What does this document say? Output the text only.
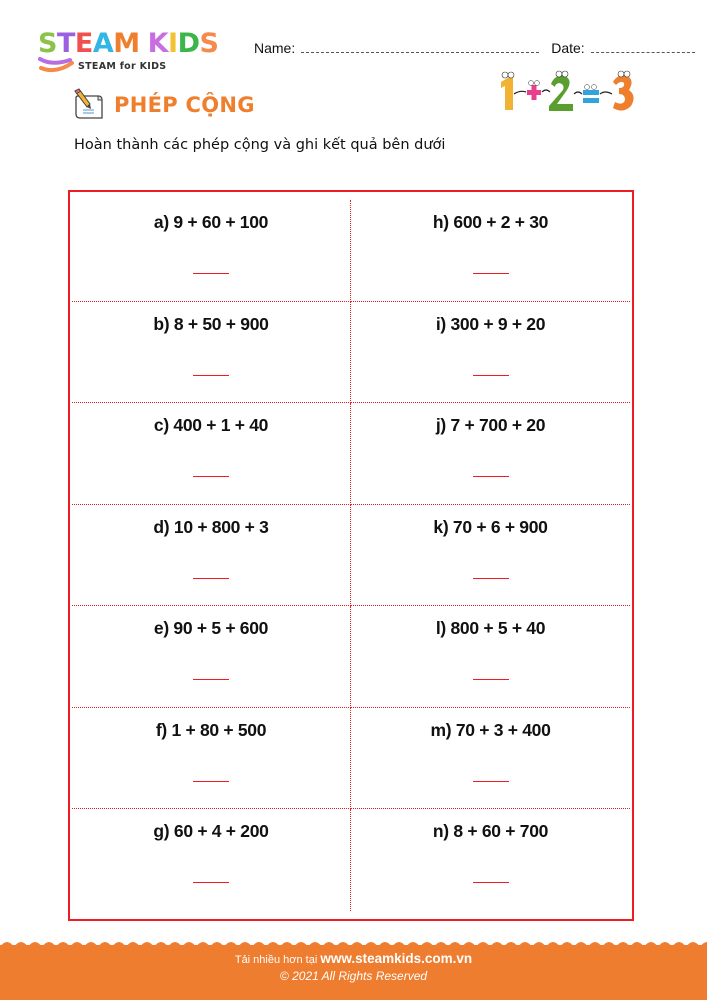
S T E A M K I D S
STEAM for KIDS
Name:	Date:
PHÉP CỘNG
Hoàn thành các phép cộng và ghi kết quả bên dưới
a) 9 + 60 + 100	h) 600 + 2 + 30
b) 8 + 50 + 900	i) 300 + 9 + 20
c) 400 + 1 + 40	j) 7 + 700 + 20
d) 10 + 800 + 3	k) 70 + 6 + 900
e) 90 + 5 + 600	l) 800 + 5 + 40
f) 1 + 80 + 500	m) 70 + 3 + 400
g) 60 + 4 + 200	n) 8 + 60 + 700
Tải nhiều hơn tại www.steamkids.com.vn
© 2021 All Rights Reserved
